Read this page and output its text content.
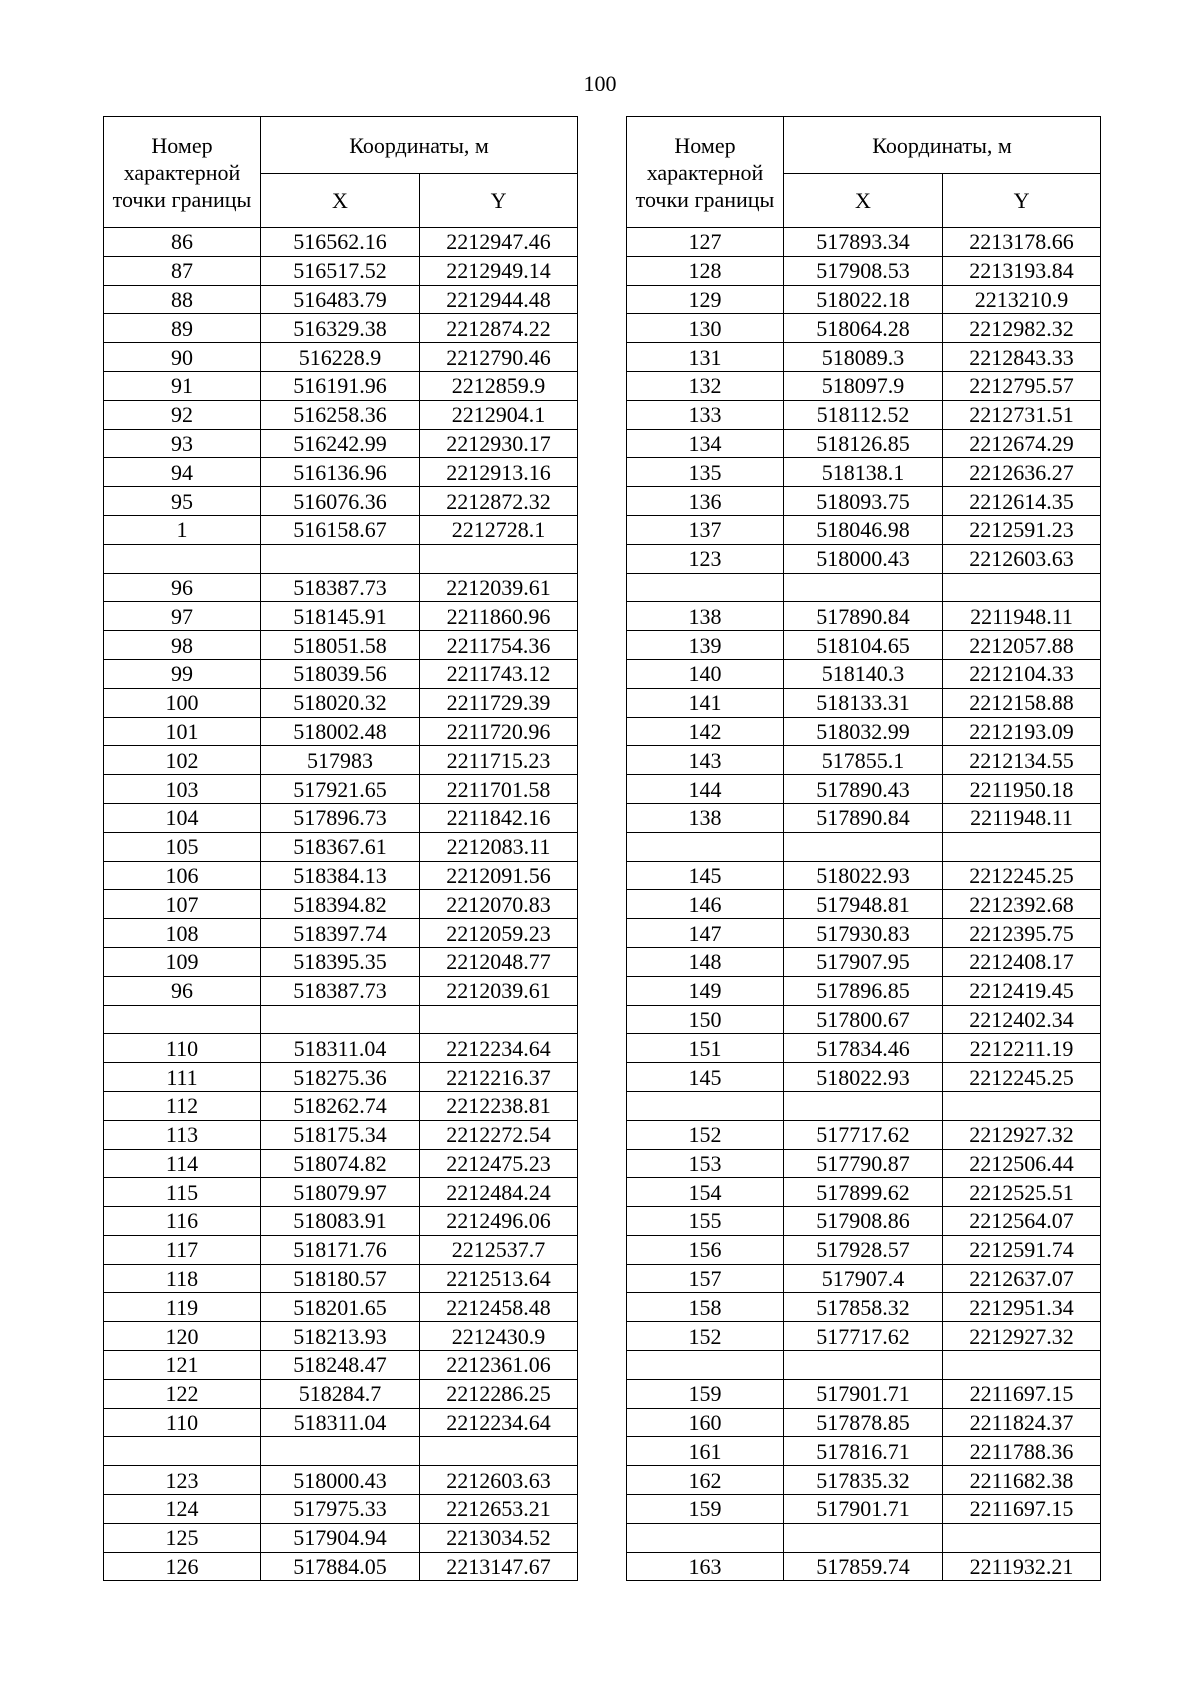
100
Номер характерной точки границы	Координаты, м	
	X	Y
86	516562.16	2212947.46
87	516517.52	2212949.14
88	516483.79	2212944.48
89	516329.38	2212874.22
90	516228.9	2212790.46
91	516191.96	2212859.9
92	516258.36	2212904.1
93	516242.99	2212930.17
94	516136.96	2212913.16
95	516076.36	2212872.32
1	516158.67	2212728.1

96	518387.73	2212039.61
97	518145.91	2211860.96
98	518051.58	2211754.36
99	518039.56	2211743.12
100	518020.32	2211729.39
101	518002.48	2211720.96
102	517983	2211715.23
103	517921.65	2211701.58
104	517896.73	2211842.16
105	518367.61	2212083.11
106	518384.13	2212091.56
107	518394.82	2212070.83
108	518397.74	2212059.23
109	518395.35	2212048.77
96	518387.73	2212039.61

110	518311.04	2212234.64
111	518275.36	2212216.37
112	518262.74	2212238.81
113	518175.34	2212272.54
114	518074.82	2212475.23
115	518079.97	2212484.24
116	518083.91	2212496.06
117	518171.76	2212537.7
118	518180.57	2212513.64
119	518201.65	2212458.48
120	518213.93	2212430.9
121	518248.47	2212361.06
122	518284.7	2212286.25
110	518311.04	2212234.64

123	518000.43	2212603.63
124	517975.33	2212653.21
125	517904.94	2213034.52
126	517884.05	2213147.67
Номер характерной точки границы	Координаты, м	
	X	Y
127	517893.34	2213178.66
128	517908.53	2213193.84
129	518022.18	2213210.9
130	518064.28	2212982.32
131	518089.3	2212843.33
132	518097.9	2212795.57
133	518112.52	2212731.51
134	518126.85	2212674.29
135	518138.1	2212636.27
136	518093.75	2212614.35
137	518046.98	2212591.23
123	518000.43	2212603.63

138	517890.84	2211948.11
139	518104.65	2212057.88
140	518140.3	2212104.33
141	518133.31	2212158.88
142	518032.99	2212193.09
143	517855.1	2212134.55
144	517890.43	2211950.18
138	517890.84	2211948.11

145	518022.93	2212245.25
146	517948.81	2212392.68
147	517930.83	2212395.75
148	517907.95	2212408.17
149	517896.85	2212419.45
150	517800.67	2212402.34
151	517834.46	2212211.19
145	518022.93	2212245.25

152	517717.62	2212927.32
153	517790.87	2212506.44
154	517899.62	2212525.51
155	517908.86	2212564.07
156	517928.57	2212591.74
157	517907.4	2212637.07
158	517858.32	2212951.34
152	517717.62	2212927.32

159	517901.71	2211697.15
160	517878.85	2211824.37
161	517816.71	2211788.36
162	517835.32	2211682.38
159	517901.71	2211697.15

163	517859.74	2211932.21
